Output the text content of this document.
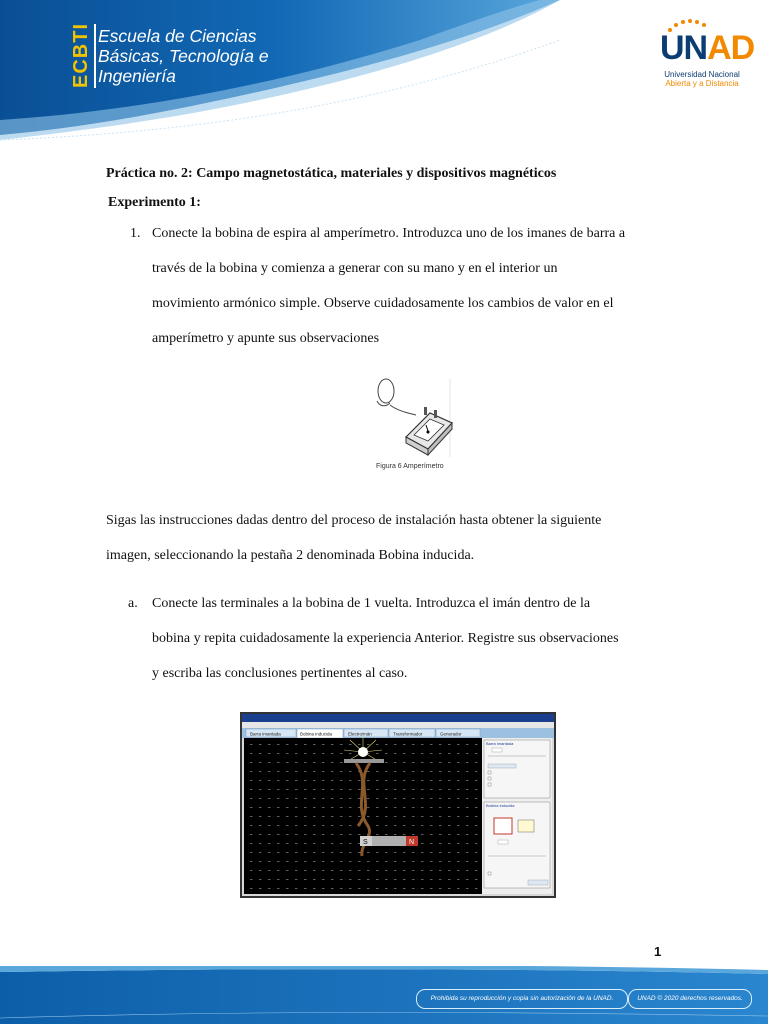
ECBTI Escuela de Ciencias
Básicas, Tecnología e
Ingeniería
UNAD
Universidad Nacional
Abierta y a Distancia
Práctica no. 2: Campo magnetostática, materiales y dispositivos magnéticos
Experimento 1:
1. Conecte la bobina de espira al amperímetro. Introduzca uno de los imanes de barra a
través de la bobina y comienza a generar con su mano y en el interior un
movimiento armónico simple. Observe cuidadosamente los cambios de valor en el
amperímetro y apunte sus observaciones
Figura 6 Amperímetro
Sigas las instrucciones dadas dentro del proceso de instalación hasta obtener la siguiente
imagen, seleccionando la pestaña 2 denominada Bobina inducida.
a. Conecte las terminales a la bobina de 1 vuelta. Introduzca el imán dentro de la
bobina y repita cuidadosamente la experiencia Anterior. Registre sus observaciones
y escriba las conclusiones pertinentes al caso.
Barra imantada	Bobina inducida	Electroimán	Transformador	Generador
S	N
Barra imantada
Bobina inducida
1
Prohibida su reproducción y copia sin autorización de la UNAD.	UNAD © 2020 derechos reservados.
